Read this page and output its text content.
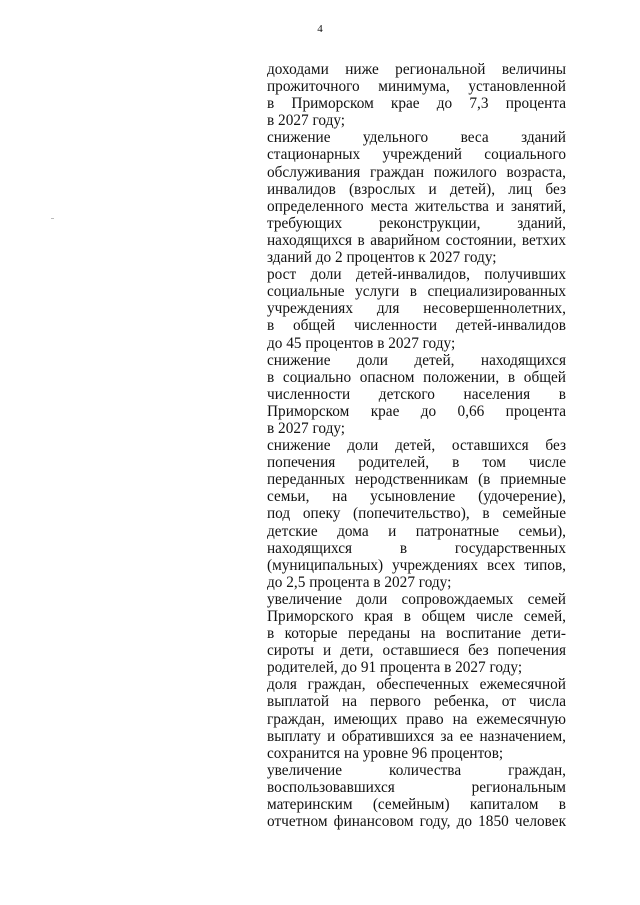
4
доходами ниже региональной величины
прожиточного минимума, установленной
в Приморском крае до 7,3 процента
в 2027 году;
снижение удельного веса зданий
стационарных учреждений социального
обслуживания граждан пожилого возраста,
инвалидов (взрослых и детей), лиц без
определенного места жительства и занятий,
требующих реконструкции, зданий,
находящихся в аварийном состоянии, ветхих
зданий до 2 процентов к 2027 году;
рост доли детей-инвалидов, получивших
социальные услуги в специализированных
учреждениях для несовершеннолетних,
в общей численности детей-инвалидов
до 45 процентов в 2027 году;
снижение доли детей, находящихся
в социально опасном положении, в общей
численности детского населения в
Приморском крае до 0,66 процента
в 2027 году;
снижение доли детей, оставшихся без
попечения родителей, в том числе
переданных неродственникам (в приемные
семьи, на усыновление (удочерение),
под опеку (попечительство), в семейные
детские дома и патронатные семьи),
находящихся в государственных
(муниципальных) учреждениях всех типов,
до 2,5 процента в 2027 году;
увеличение доли сопровождаемых семей
Приморского края в общем числе семей,
в которые переданы на воспитание дети-
сироты и дети, оставшиеся без попечения
родителей, до 91 процента в 2027 году;
доля граждан, обеспеченных ежемесячной
выплатой на первого ребенка, от числа
граждан, имеющих право на ежемесячную
выплату и обратившихся за ее назначением,
сохранится на уровне 96 процентов;
увеличение количества граждан,
воспользовавшихся региональным
материнским (семейным) капиталом в
отчетном финансовом году, до 1850 человек
